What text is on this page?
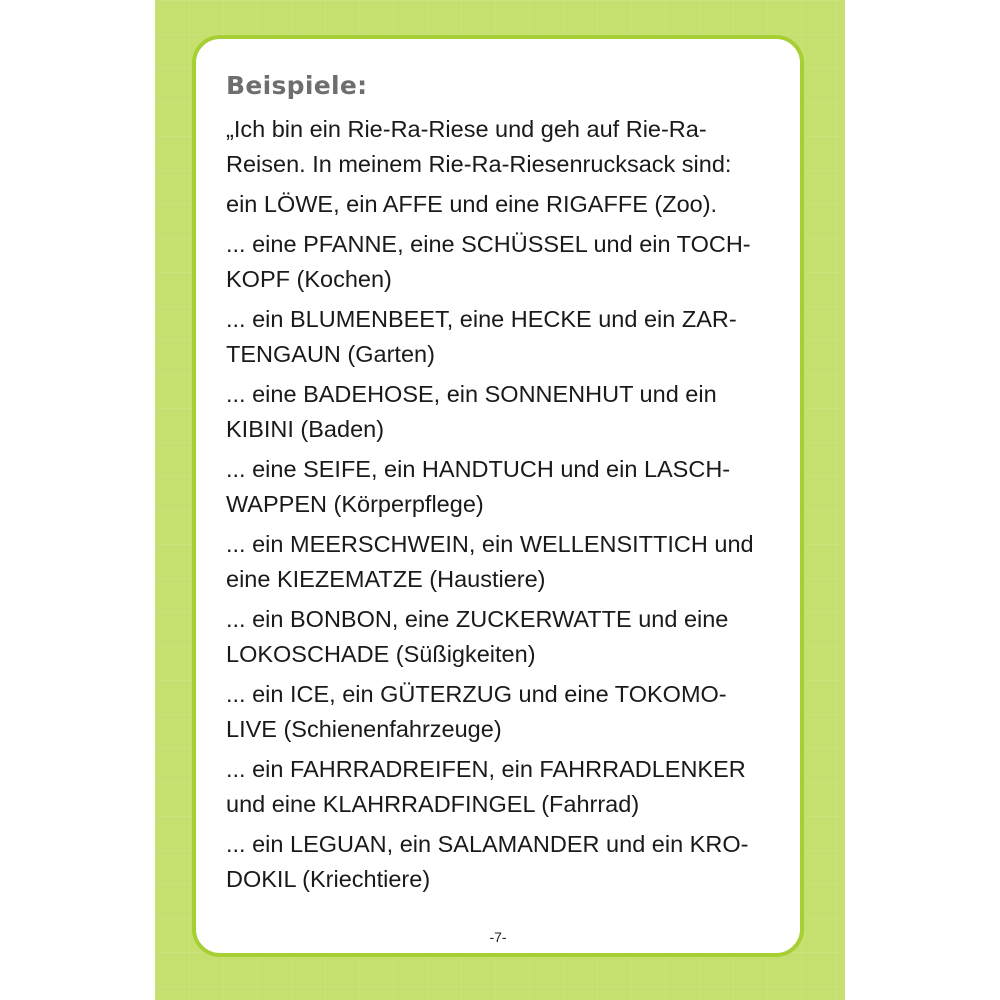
Beispiele:
„Ich bin ein Rie-Ra-Riese und geh auf Rie-Ra-
Reisen. In meinem Rie-Ra-Riesenrucksack sind:
ein LÖWE, ein AFFE und eine RIGAFFE (Zoo).
... eine PFANNE, eine SCHÜSSEL und ein TOCH-
KOPF (Kochen)
... ein BLUMENBEET, eine HECKE und ein ZAR-
TENGAUN (Garten)
... eine BADEHOSE, ein SONNENHUT und ein
KIBINI (Baden)
... eine SEIFE, ein HANDTUCH und ein LASCH-
WAPPEN (Körperpflege)
... ein MEERSCHWEIN, ein WELLENSITTICH und
eine KIEZEMATZE (Haustiere)
... ein BONBON, eine ZUCKERWATTE und eine
LOKOSCHADE (Süßigkeiten)
... ein ICE, ein GÜTERZUG und eine TOKOMO-
LIVE (Schienenfahrzeuge)
... ein FAHRRADREIFEN, ein FAHRRADLENKER
und eine KLAHRRADFINGEL (Fahrrad)
... ein LEGUAN, ein SALAMANDER und ein KRO-
DOKIL (Kriechtiere)
-7-
